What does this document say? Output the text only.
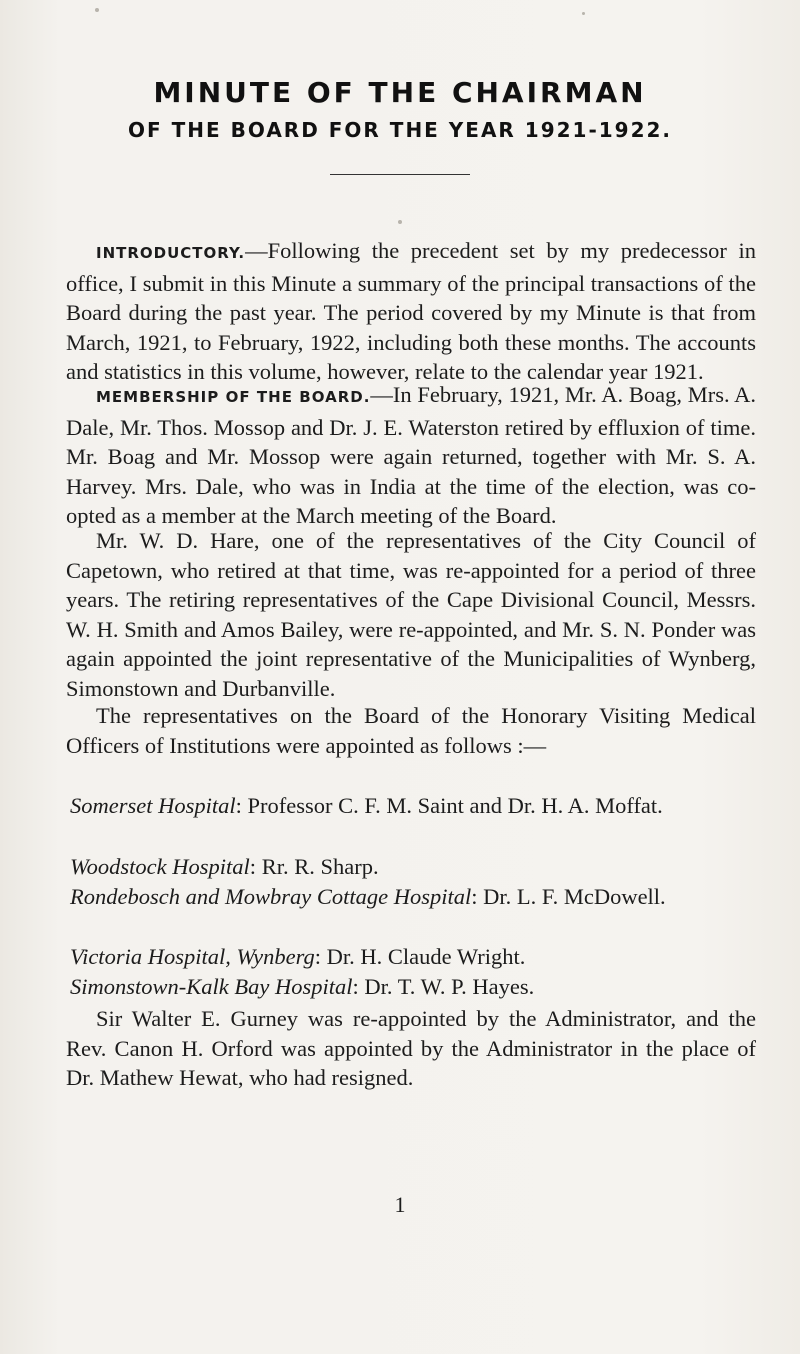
MINUTE OF THE CHAIRMAN
OF THE BOARD FOR THE YEAR 1921-1922.

INTRODUCTORY.—Following the precedent set by my predecessor in office, I submit in this Minute a summary of the principal transactions of the Board during the past year. The period covered by my Minute is that from March, 1921, to February, 1922, including both these months. The accounts and statistics in this volume, however, relate to the calendar year 1921.

MEMBERSHIP OF THE BOARD.—In February, 1921, Mr. A. Boag, Mrs. A. Dale, Mr. Thos. Mossop and Dr. J. E. Waterston retired by effluxion of time. Mr. Boag and Mr. Mossop were again returned, together with Mr. S. A. Harvey. Mrs. Dale, who was in India at the time of the election, was co-opted as a member at the March meeting of the Board.

Mr. W. D. Hare, one of the representatives of the City Council of Capetown, who retired at that time, was re-appointed for a period of three years. The retiring representatives of the Cape Divisional Council, Messrs. W. H. Smith and Amos Bailey, were re-appointed, and Mr. S. N. Ponder was again appointed the joint representative of the Municipalities of Wynberg, Simonstown and Durbanville.

The representatives on the Board of the Honorary Visiting Medical Officers of Institutions were appointed as follows :—

Somerset Hospital: Professor C. F. M. Saint and Dr. H. A. Moffat.

Woodstock Hospital: Rr. R. Sharp.

Rondebosch and Mowbray Cottage Hospital: Dr. L. F. McDowell.

Victoria Hospital, Wynberg: Dr. H. Claude Wright.

Simonstown-Kalk Bay Hospital: Dr. T. W. P. Hayes.

Sir Walter E. Gurney was re-appointed by the Administrator, and the Rev. Canon H. Orford was appointed by the Administrator in the place of Dr. Mathew Hewat, who had resigned.

1
